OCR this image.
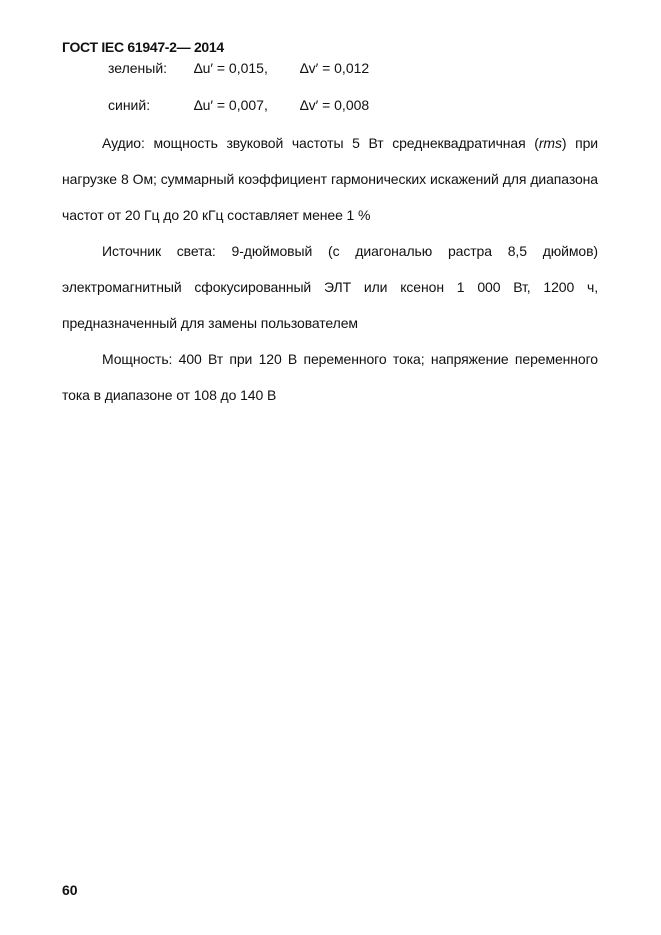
ГОСТ IEC 61947-2— 2014
зеленый: ∆u′ = 0,015, ∆v′ = 0,012
синий:	∆u′ = 0,007, ∆v′ = 0,008

Аудио: мощность звуковой частоты 5 Вт среднеквадратичная (rms) при нагрузке 8 Ом; суммарный коэффициент гармонических искажений для диапазона частот от 20 Гц до 20 кГц составляет менее 1 %

Источник света: 9-дюймовый (с диагональю растра 8,5 дюймов) электромагнитный сфокусированный ЭЛТ или ксенон 1 000 Вт, 1200 ч, предназначенный для замены пользователем

Мощность: 400 Вт при 120 В переменного тока; напряжение переменного тока в диапазоне от 108 до 140 В

60
